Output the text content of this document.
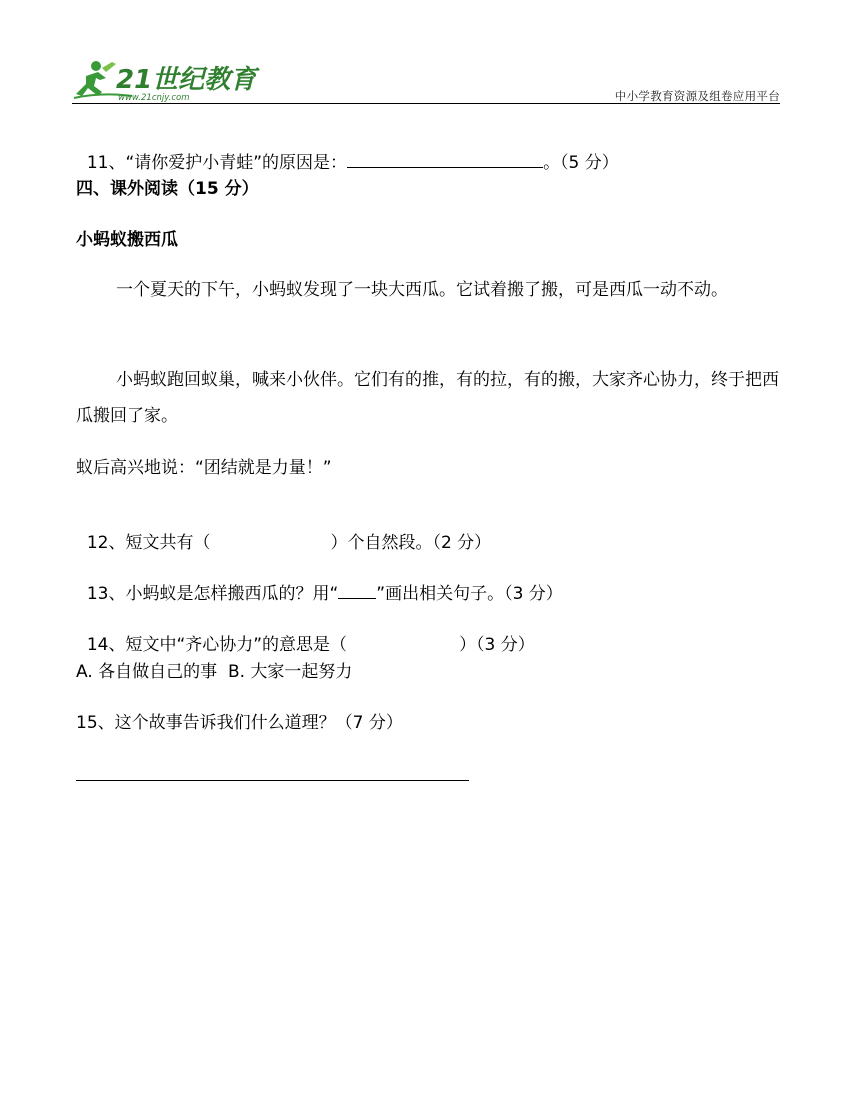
21世纪教育
www.21cnjy.com	中小学教育资源及组卷应用平台

11、“请你爱护小青蛙”的原因是：	。（5 分）

四、课外阅读（15 分）
小蚂蚁搬西瓜
一个夏天的下午，小蚂蚁发现了一块大西瓜。它试着搬了搬，可是西瓜一动不动。
小蚂蚁跑回蚁巢，喊来小伙伴。它们有的推，有的拉，有的搬，大家齐心协力，终于把西瓜搬回了家。
蚁后高兴地说：“团结就是力量！”

12、短文共有（	）个自然段。（2 分）

13、小蚂蚁是怎样搬西瓜的？用“ ”画出相关句子。（3 分）

14、短文中“齐心协力”的意思是（	）（3 分）

A. 各自做自己的事  B. 大家一起努力
15、这个故事告诉我们什么道理？（7 分）
